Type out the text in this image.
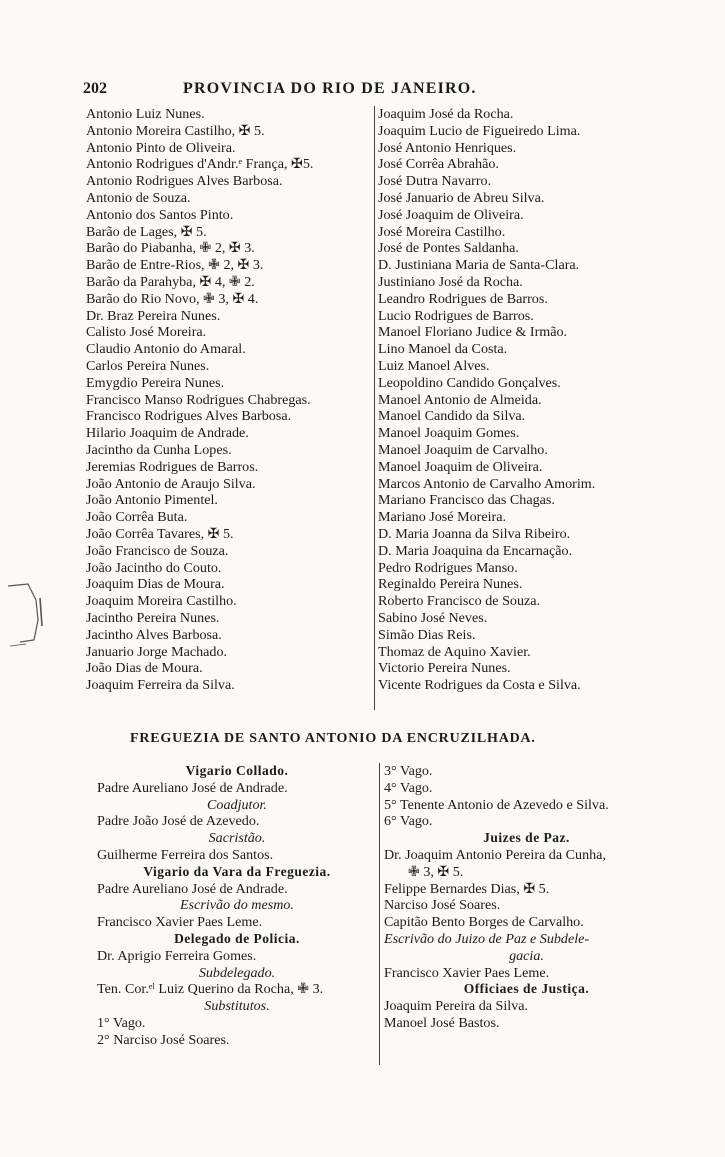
202	PROVINCIA DO RIO DE JANEIRO.
Antonio Luiz Nunes.
Antonio Moreira Castilho, ✠ 5.
Antonio Pinto de Oliveira.
Antonio Rodrigues d'Andr.ᵉ França, ✠5.
Antonio Rodrigues Alves Barbosa.
Antonio de Souza.
Antonio dos Santos Pinto.
Barão de Lages, ✠ 5.
Barão do Piabanha, ✙ 2, ✠ 3.
Barão de Entre-Rios, ✙ 2, ✠ 3.
Barão da Parahyba, ✠ 4, ✙ 2.
Barão do Rio Novo, ✙ 3, ✠ 4.
Dr. Braz Pereira Nunes.
Calisto José Moreira.
Claudio Antonio do Amaral.
Carlos Pereira Nunes.
Emygdio Pereira Nunes.
Francisco Manso Rodrigues Chabregas.
Francisco Rodrigues Alves Barbosa.
Hilario Joaquim de Andrade.
Jacintho da Cunha Lopes.
Jeremias Rodrigues de Barros.
João Antonio de Araujo Silva.
João Antonio Pimentel.
João Corrêa Buta.
João Corrêa Tavares, ✠ 5.
João Francisco de Souza.
João Jacintho do Couto.
Joaquim Dias de Moura.
Joaquim Moreira Castilho.
Jacintho Pereira Nunes.
Jacintho Alves Barbosa.
Januario Jorge Machado.
João Dias de Moura.
Joaquim Ferreira da Silva.
Joaquim José da Rocha.
Joaquim Lucio de Figueiredo Lima.
José Antonio Henriques.
José Corrêa Abrahão.
José Dutra Navarro.
José Januario de Abreu Silva.
José Joaquim de Oliveira.
José Moreira Castilho.
José de Pontes Saldanha.
D. Justiniana Maria de Santa-Clara.
Justiniano José da Rocha.
Leandro Rodrigues de Barros.
Lucio Rodrigues de Barros.
Manoel Floriano Judice & Irmão.
Lino Manoel da Costa.
Luiz Manoel Alves.
Leopoldino Candido Gonçalves.
Manoel Antonio de Almeida.
Manoel Candido da Silva.
Manoel Joaquim Gomes.
Manoel Joaquim de Carvalho.
Manoel Joaquim de Oliveira.
Marcos Antonio de Carvalho Amorim.
Mariano Francisco das Chagas.
Mariano José Moreira.
D. Maria Joanna da Silva Ribeiro.
D. Maria Joaquina da Encarnação.
Pedro Rodrigues Manso.
Reginaldo Pereira Nunes.
Roberto Francisco de Souza.
Sabino José Neves.
Simão Dias Reis.
Thomaz de Aquino Xavier.
Victorio Pereira Nunes.
Vicente Rodrigues da Costa e Silva.
FREGUEZIA DE SANTO ANTONIO DA ENCRUZILHADA.
Vigario Collado.
Padre Aureliano José de Andrade.
Coadjutor.
Padre João José de Azevedo.
Sacristão.
Guilherme Ferreira dos Santos.
Vigario da Vara da Freguezia.
Padre Aureliano José de Andrade.
Escrivão do mesmo.
Francisco Xavier Paes Leme.
Delegado de Policia.
Dr. Aprigio Ferreira Gomes.
Subdelegado.
Ten. Cor.ᵉˡ Luiz Querino da Rocha, ✙ 3.
Substitutos.
1° Vago.
2° Narciso José Soares.
3° Vago.
4° Vago.
5° Tenente Antonio de Azevedo e Silva.
6° Vago.
Juizes de Paz.
Dr. Joaquim Antonio Pereira da Cunha,
✙ 3, ✠ 5.
Felippe Bernardes Dias, ✠ 5.
Narciso José Soares.
Capitão Bento Borges de Carvalho.
Escrivão do Juizo de Paz e Subdele-
gacia.
Francisco Xavier Paes Leme.
Officiaes de Justiça.
Joaquim Pereira da Silva.
Manoel José Bastos.
